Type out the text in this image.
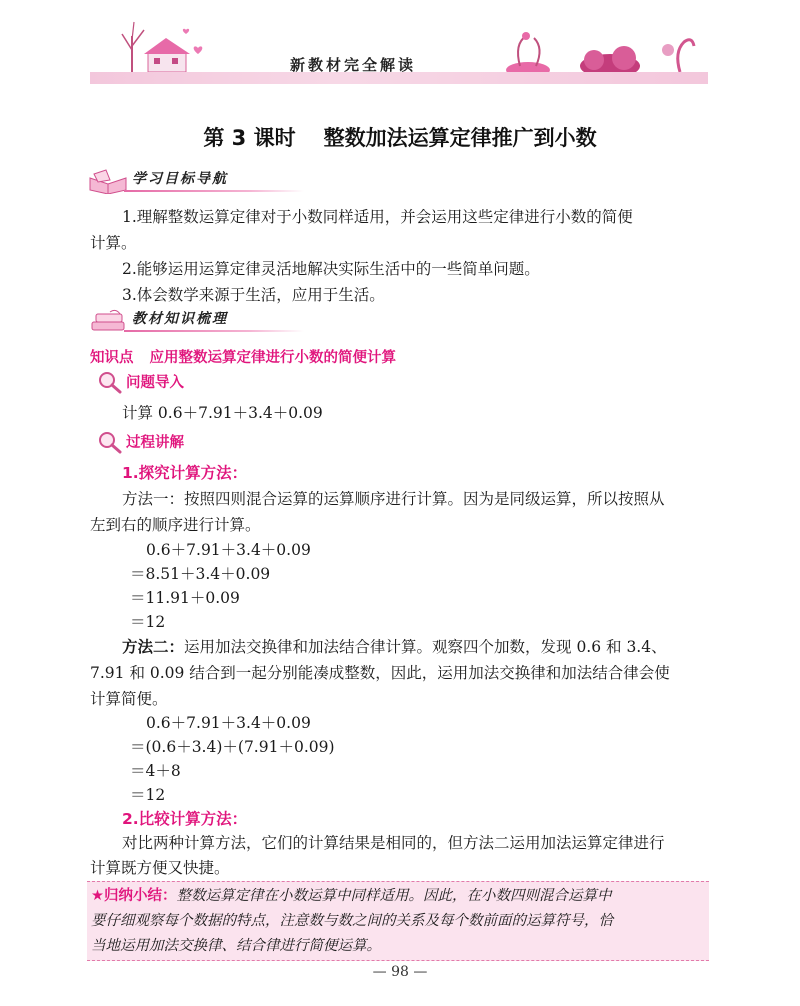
新教材完全解读
第 3 课时 整数加法运算定律推广到小数
学习目标导航
1.理解整数运算定律对于小数同样适用，并会运用这些定律进行小数的简便
计算。
2.能够运用运算定律灵活地解决实际生活中的一些简单问题。
3.体会数学来源于生活，应用于生活。
教材知识梳理
知识点 应用整数运算定律进行小数的简便计算
问题导入
计算 0.6＋7.91＋3.4＋0.09
过程讲解
1.探究计算方法：
方法一：按照四则混合运算的运算顺序进行计算。因为是同级运算，所以按照从
左到右的顺序进行计算。
0.6＋7.91＋3.4＋0.09
＝8.51＋3.4＋0.09
＝11.91＋0.09
＝12
方法二：运用加法交换律和加法结合律计算。观察四个加数，发现 0.6 和 3.4、
7.91 和 0.09 结合到一起分别能凑成整数，因此，运用加法交换律和加法结合律会使
计算简便。
0.6＋7.91＋3.4＋0.09
＝(0.6＋3.4)＋(7.91＋0.09)
＝4＋8
＝12
2.比较计算方法：
对比两种计算方法，它们的计算结果是相同的，但方法二运用加法运算定律进行
计算既方便又快捷。
★归纳小结：整数运算定律在小数运算中同样适用。因此，在小数四则混合运算中
要仔细观察每个数据的特点，注意数与数之间的关系及每个数前面的运算符号，恰
当地运用加法交换律、结合律进行简便运算。
— 98 —
